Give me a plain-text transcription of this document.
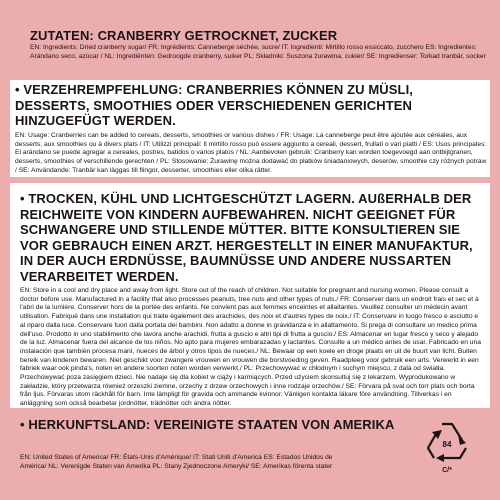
ZUTATEN: CRANBERRY GETROCKNET, ZUCKER
EN: Ingredients: Dried cranberry sugar/ FR: Ingrédients: Canneberge séchée, sucre/ IT: Ingredienti: Mirtillo rosso essiccato, zucchero ES: Ingredientes: Arándano seco, azúcar / NL: Ingrediënten: Gedroogde cranberry, suiker PL: Składniki: Suszona żurawina, cukier/ SE: Ingredienser: Torkad tranbär, socker
• VERZEHREMPFEHLUNG: CRANBERRIES KÖNNEN ZU MÜSLI, DESSERTS, SMOOTHIES ODER VERSCHIEDENEN GERICHTEN HINZUGEFÜGT WERDEN.
EN: Usage: Cranberries can be added to cereals, desserts, smoothies or various dishes / FR: Usage: La canneberge peut être ajoutée aux céréales, aux desserts, aux smoothies ou à divers plats / IT: Utilizzi principali: Il mirtillo rosso può essere aggiunto a cereali, dessert, frullati o vari piatti / ES: Usos principales: El arándano se puede agregar a cereales, postres, batidos o varios platos / NL: Aanbevolen gebruik: Cranberry kan worden toegevoegd aan ontbijtgranen, desserts, smoothies of verschillende gerechten / PL: Stosowanie: Żurawinę można dodawać do płatków śniadaniowych, deserów, smoothie czy różnych potraw / SE: Användande: Tranbär kan läggas till flingor, desserter, smoothies eller olika rätter.
• TROCKEN, KÜHL UND LICHTGESCHÜTZT LAGERN. AUßERHALB DER REICHWEITE VON KINDERN AUFBEWAHREN. NICHT GEEIGNET FÜR SCHWANGERE UND STILLENDE MÜTTER. BITTE KONSULTIEREN SIE VOR GEBRAUCH EINEN ARZT. HERGESTELLT IN EINER MANUFAKTUR, IN DER AUCH ERDNÜSSE, BAUMNÜSSE UND ANDERE NUSSARTEN VERARBEITET WERDEN.
EN: Store in a cool and dry place and away from light. Store out of the reach of children. Not suitable for pregnant and nursing women. Please consult a doctor before use. Manufactured in a facility that also processes peanuts, tree nuts and other types of nuts./ FR: Conserver dans un endroit frais et sec et à l'abri de la lumière. Conserver hors de la portée des enfants. Ne convient pas aux femmes enceintes et allaitantes. Veuillez consulter un médecin avant utilisation. Fabriqué dans une installation qui traite également des arachides, des noix et d'autres types de noix./ IT: Conservare in luogo fresco e asciutto e al riparo dalla luce. Conservare fuori dalla portata dei bambini. Non adatto a donne in gravidanza e in allattamento. Si prega di consultare un medico prima dell'uso. Prodotto in uno stabilimento che lavora anche arachidi, frutta a guscio e altri tipi di frutta a guscio./ ES: Almacenar en lugar fresco y seco y alejado de la luz. Almacenar fuera del alcance de los niños. No apto para mujeres embarazadas y lactantes. Consulte a un médico antes de usar. Fabricado en una instalación que también procesa maní, nueces de árbol y otros tipos de nueces./ NL: Bewaar op een koele en droge plaats en uit de buurt van licht. Buiten bereik van kinderen bewaren. Niet geschikt voor zwangere vrouwen en vrouwen die borstvoeding geven. Raadpleeg voor gebruik een arts. Verwerkt in een fabriek waar ook pinda's, noten en andere soorten noten worden verwerkt./ PL: Przechowywać w chłodnym i suchym miejscu, z dala od światła. Przechowywać poza zasięgiem dzieci. Nie nadaje się dla kobiet w ciąży i karmiących. Przed użyciem skonsultuj się z lekarzem. Wyprodukowano w zakładzie, który przetwarza również orzeszki ziemne, orzechy z drzew orzechowych i inne rodzaje orzechów./ SE: Förvara på sval och torr plats och borta från ljus. Förvaras utom räckhåll för barn. Inte lämpligt för gravida och ammande kvinnor. Vänligen kontakta läkare före användning. Tillverkas i en anläggning som också bearbetar jordnötter, trädnötter och andra nötter.
• HERKUNFTSLAND: VEREINIGTE STAATEN VON AMERIKA
EN: United States of America/ FR: États-Unis d'Amérique/ IT: Stati Uniti d'America ES: Estados Unidos de América/ NL: Verenigde Staten van Amerika PL: Stany Zjednoczone Ameryki/ SE: Amerikas förenta stater
84
C/*
